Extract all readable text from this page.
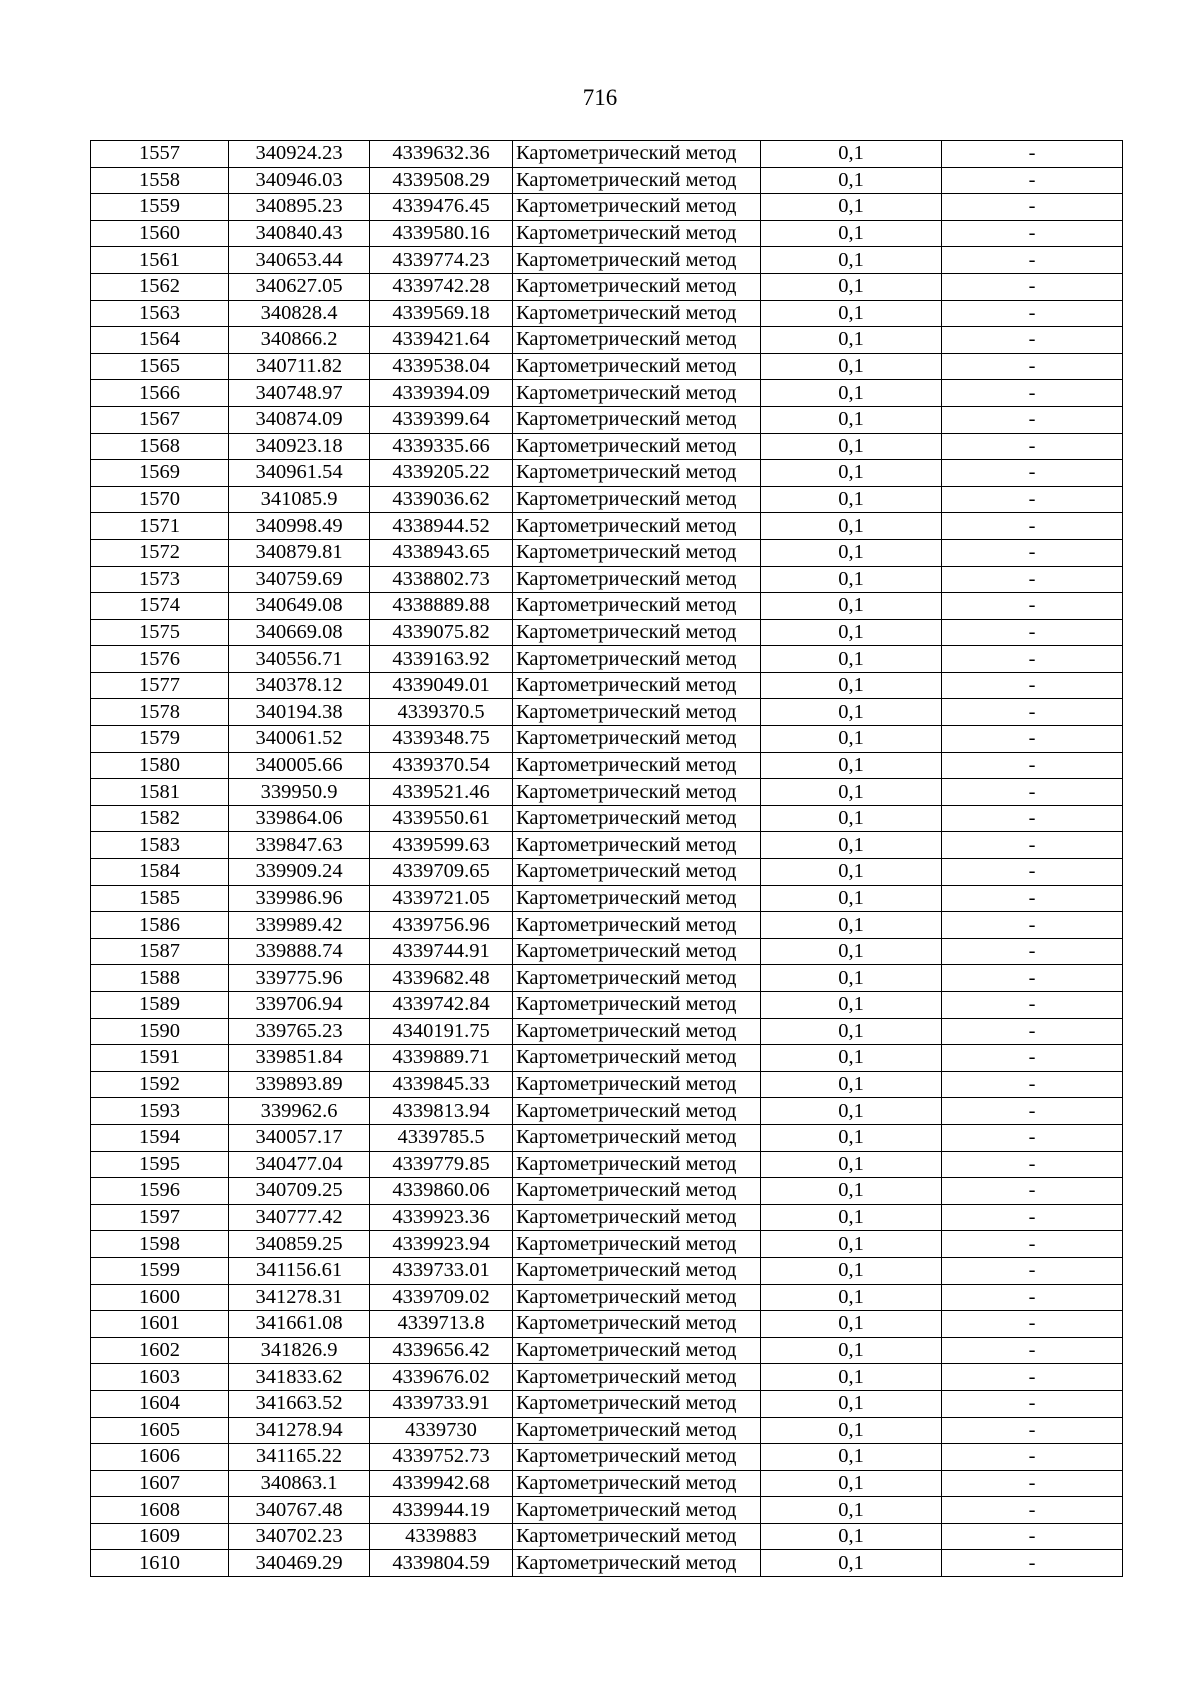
716
1557	340924.23	4339632.36	Картометрический метод	0,1	-
1558	340946.03	4339508.29	Картометрический метод	0,1	-
1559	340895.23	4339476.45	Картометрический метод	0,1	-
1560	340840.43	4339580.16	Картометрический метод	0,1	-
1561	340653.44	4339774.23	Картометрический метод	0,1	-
1562	340627.05	4339742.28	Картометрический метод	0,1	-
1563	340828.4	4339569.18	Картометрический метод	0,1	-
1564	340866.2	4339421.64	Картометрический метод	0,1	-
1565	340711.82	4339538.04	Картометрический метод	0,1	-
1566	340748.97	4339394.09	Картометрический метод	0,1	-
1567	340874.09	4339399.64	Картометрический метод	0,1	-
1568	340923.18	4339335.66	Картометрический метод	0,1	-
1569	340961.54	4339205.22	Картометрический метод	0,1	-
1570	341085.9	4339036.62	Картометрический метод	0,1	-
1571	340998.49	4338944.52	Картометрический метод	0,1	-
1572	340879.81	4338943.65	Картометрический метод	0,1	-
1573	340759.69	4338802.73	Картометрический метод	0,1	-
1574	340649.08	4338889.88	Картометрический метод	0,1	-
1575	340669.08	4339075.82	Картометрический метод	0,1	-
1576	340556.71	4339163.92	Картометрический метод	0,1	-
1577	340378.12	4339049.01	Картометрический метод	0,1	-
1578	340194.38	4339370.5	Картометрический метод	0,1	-
1579	340061.52	4339348.75	Картометрический метод	0,1	-
1580	340005.66	4339370.54	Картометрический метод	0,1	-
1581	339950.9	4339521.46	Картометрический метод	0,1	-
1582	339864.06	4339550.61	Картометрический метод	0,1	-
1583	339847.63	4339599.63	Картометрический метод	0,1	-
1584	339909.24	4339709.65	Картометрический метод	0,1	-
1585	339986.96	4339721.05	Картометрический метод	0,1	-
1586	339989.42	4339756.96	Картометрический метод	0,1	-
1587	339888.74	4339744.91	Картометрический метод	0,1	-
1588	339775.96	4339682.48	Картометрический метод	0,1	-
1589	339706.94	4339742.84	Картометрический метод	0,1	-
1590	339765.23	4340191.75	Картометрический метод	0,1	-
1591	339851.84	4339889.71	Картометрический метод	0,1	-
1592	339893.89	4339845.33	Картометрический метод	0,1	-
1593	339962.6	4339813.94	Картометрический метод	0,1	-
1594	340057.17	4339785.5	Картометрический метод	0,1	-
1595	340477.04	4339779.85	Картометрический метод	0,1	-
1596	340709.25	4339860.06	Картометрический метод	0,1	-
1597	340777.42	4339923.36	Картометрический метод	0,1	-
1598	340859.25	4339923.94	Картометрический метод	0,1	-
1599	341156.61	4339733.01	Картометрический метод	0,1	-
1600	341278.31	4339709.02	Картометрический метод	0,1	-
1601	341661.08	4339713.8	Картометрический метод	0,1	-
1602	341826.9	4339656.42	Картометрический метод	0,1	-
1603	341833.62	4339676.02	Картометрический метод	0,1	-
1604	341663.52	4339733.91	Картометрический метод	0,1	-
1605	341278.94	4339730	Картометрический метод	0,1	-
1606	341165.22	4339752.73	Картометрический метод	0,1	-
1607	340863.1	4339942.68	Картометрический метод	0,1	-
1608	340767.48	4339944.19	Картометрический метод	0,1	-
1609	340702.23	4339883	Картометрический метод	0,1	-
1610	340469.29	4339804.59	Картометрический метод	0,1	-
